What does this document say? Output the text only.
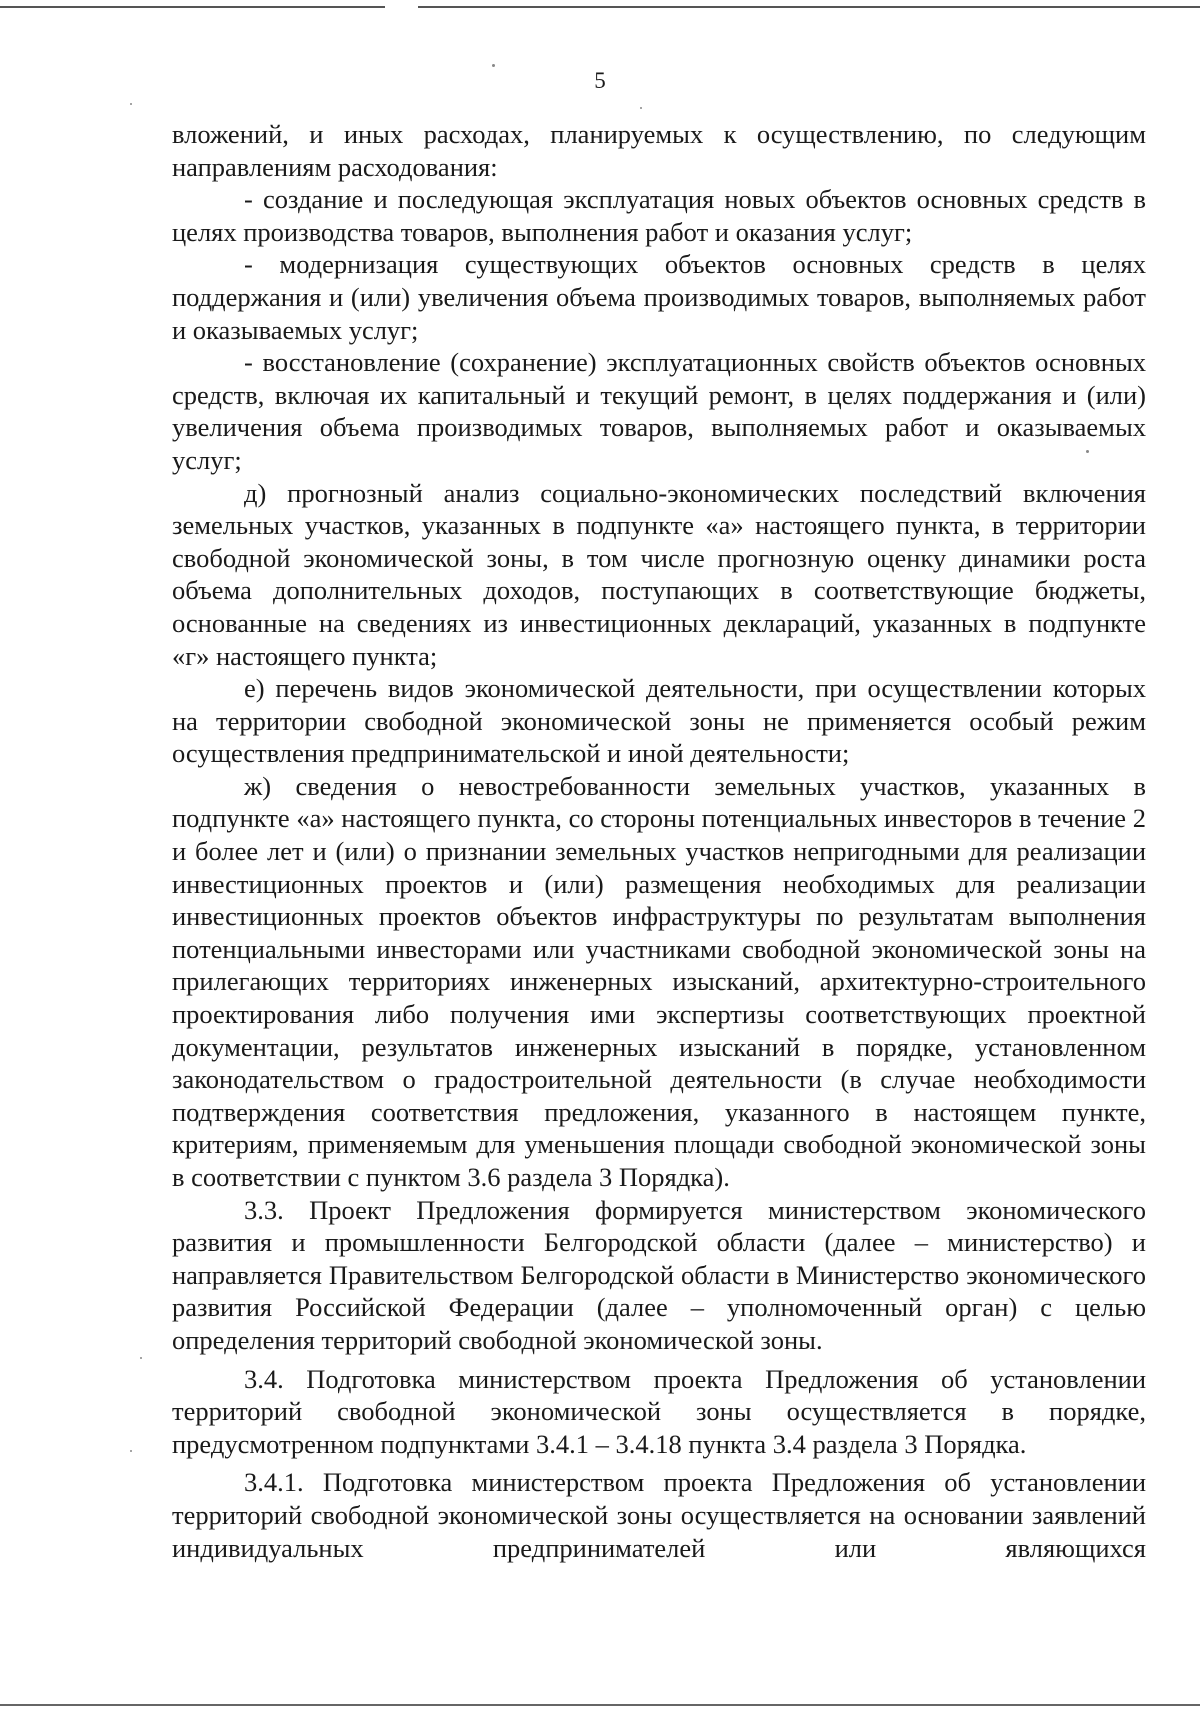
5

вложений, и иных расходах, планируемых к осуществлению, по следующим направлениям расходования:

- создание и последующая эксплуатация новых объектов основных средств в целях производства товаров, выполнения работ и оказания услуг;

- модернизация существующих объектов основных средств в целях поддержания и (или) увеличения объема производимых товаров, выполняемых работ и оказываемых услуг;

- восстановление (сохранение) эксплуатационных свойств объектов основных средств, включая их капитальный и текущий ремонт, в целях поддержания и (или) увеличения объема производимых товаров, выполняемых работ и оказываемых услуг;

д) прогнозный анализ социально-экономических последствий включения земельных участков, указанных в подпункте «а» настоящего пункта, в территории свободной экономической зоны, в том числе прогнозную оценку динамики роста объема дополнительных доходов, поступающих в соответствующие бюджеты, основанные на сведениях из инвестиционных деклараций, указанных в подпункте «г» настоящего пункта;

е) перечень видов экономической деятельности, при осуществлении которых на территории свободной экономической зоны не применяется особый режим осуществления предпринимательской и иной деятельности;

ж) сведения о невостребованности земельных участков, указанных в подпункте «а» настоящего пункта, со стороны потенциальных инвесторов в течение 2 и более лет и (или) о признании земельных участков непригодными для реализации инвестиционных проектов и (или) размещения необходимых для реализации инвестиционных проектов объектов инфраструктуры по результатам выполнения потенциальными инвесторами или участниками свободной экономической зоны на прилегающих территориях инженерных изысканий, архитектурно-строительного проектирования либо получения ими экспертизы соответствующих проектной документации, результатов инженерных изысканий в порядке, установленном законодательством о градостроительной деятельности (в случае необходимости подтверждения соответствия предложения, указанного в настоящем пункте, критериям, применяемым для уменьшения площади свободной экономической зоны в соответствии с пунктом 3.6 раздела 3 Порядка).

3.3. Проект Предложения формируется министерством экономического развития и промышленности Белгородской области (далее – министерство) и направляется Правительством Белгородской области в Министерство экономического развития Российской Федерации (далее – уполномоченный орган) с целью определения территорий свободной экономической зоны.

3.4. Подготовка министерством проекта Предложения об установлении территорий свободной экономической зоны осуществляется в порядке, предусмотренном подпунктами 3.4.1 – 3.4.18 пункта 3.4 раздела 3 Порядка.

3.4.1. Подготовка министерством проекта Предложения об установлении территорий свободной экономической зоны осуществляется на основании заявлений индивидуальных предпринимателей или являющихся
